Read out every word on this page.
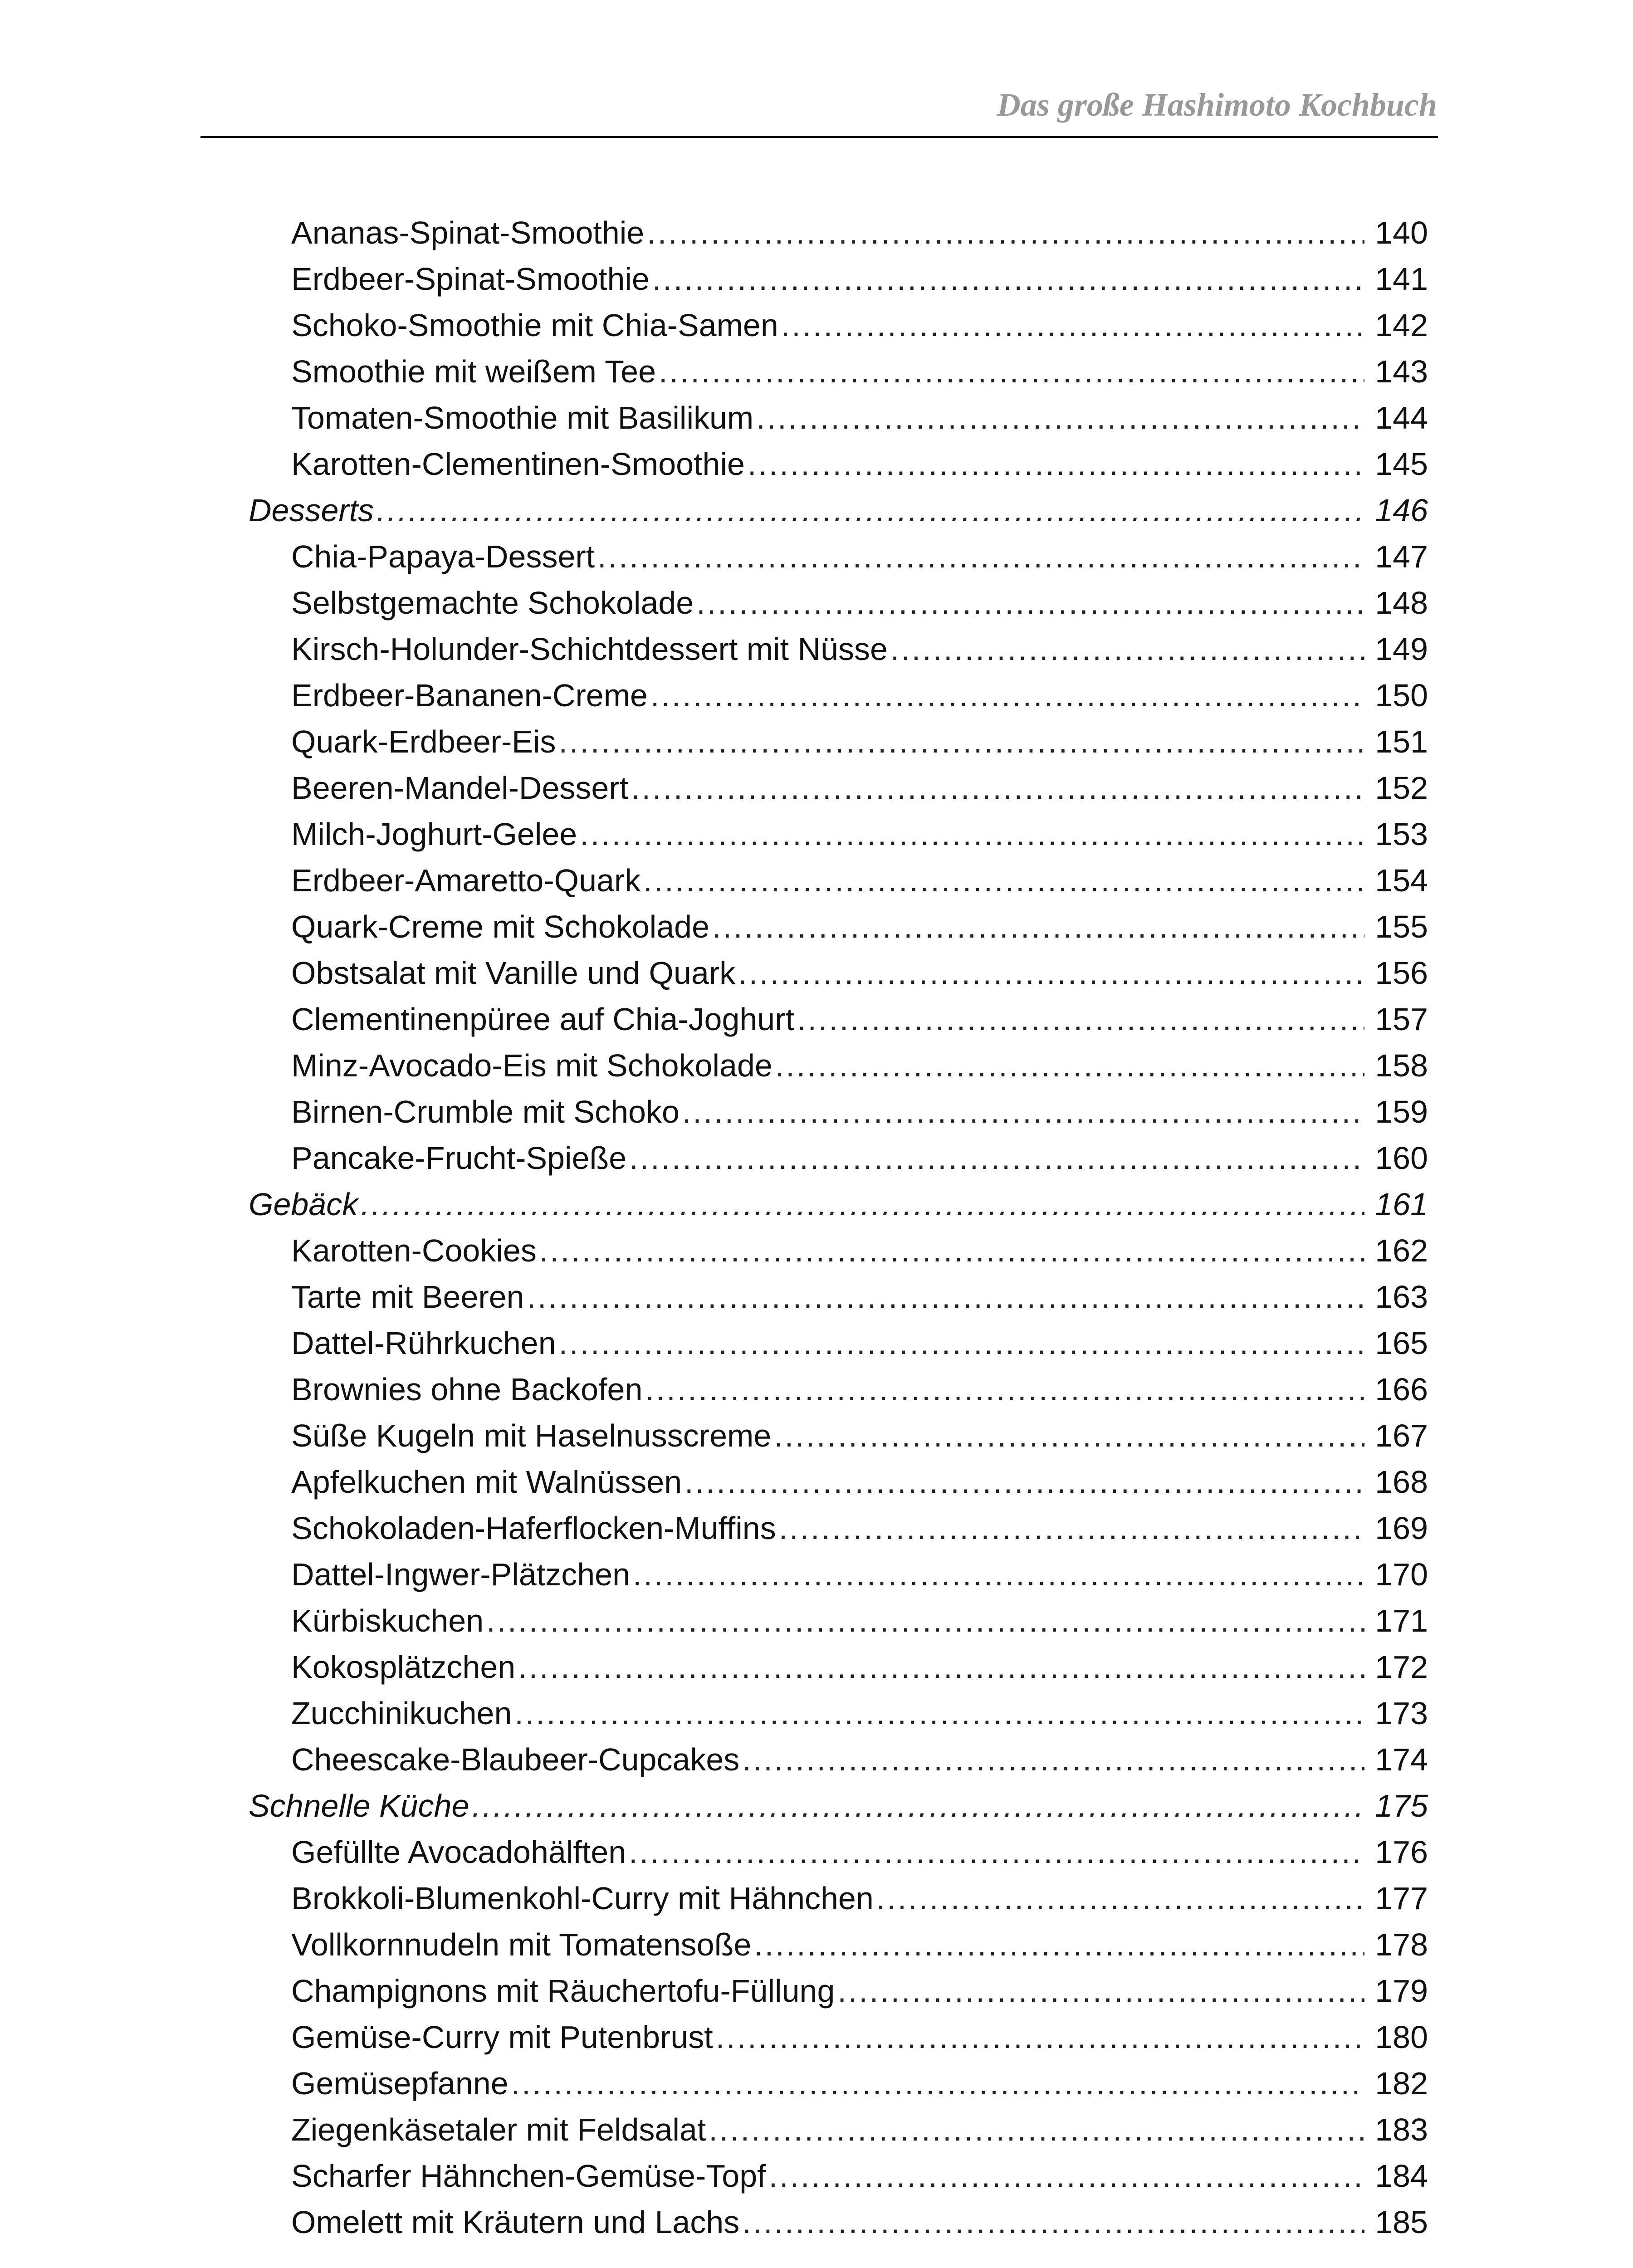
Das große Hashimoto Kochbuch
Ananas-Spinat-Smoothie .....	140
Erdbeer-Spinat-Smoothie .....	141
Schoko-Smoothie mit Chia-Samen .....	142
Smoothie mit weißem Tee .....	143
Tomaten-Smoothie mit Basilikum .....	144
Karotten-Clementinen-Smoothie .....	145
Desserts .....	146
Chia-Papaya-Dessert .....	147
Selbstgemachte Schokolade .....	148
Kirsch-Holunder-Schichtdessert mit Nüsse .....	149
Erdbeer-Bananen-Creme .....	150
Quark-Erdbeer-Eis .....	151
Beeren-Mandel-Dessert .....	152
Milch-Joghurt-Gelee .....	153
Erdbeer-Amaretto-Quark .....	154
Quark-Creme mit Schokolade .....	155
Obstsalat mit Vanille und Quark .....	156
Clementinenpüree auf Chia-Joghurt .....	157
Minz-Avocado-Eis mit Schokolade .....	158
Birnen-Crumble mit Schoko .....	159
Pancake-Frucht-Spieße .....	160
Gebäck .....	161
Karotten-Cookies .....	162
Tarte mit Beeren .....	163
Dattel-Rührkuchen .....	165
Brownies ohne Backofen .....	166
Süße Kugeln mit Haselnusscreme .....	167
Apfelkuchen mit Walnüssen .....	168
Schokoladen-Haferflocken-Muffins .....	169
Dattel-Ingwer-Plätzchen .....	170
Kürbiskuchen .....	171
Kokosplätzchen .....	172
Zucchinikuchen .....	173
Cheescake-Blaubeer-Cupcakes .....	174
Schnelle Küche .....	175
Gefüllte Avocadohälften .....	176
Brokkoli-Blumenkohl-Curry mit Hähnchen .....	177
Vollkornnudeln mit Tomatensoße .....	178
Champignons mit Räuchertofu-Füllung .....	179
Gemüse-Curry mit Putenbrust .....	180
Gemüsepfanne .....	182
Ziegenkäsetaler mit Feldsalat .....	183
Scharfer Hähnchen-Gemüse-Topf .....	184
Omelett mit Kräutern und Lachs .....	185
